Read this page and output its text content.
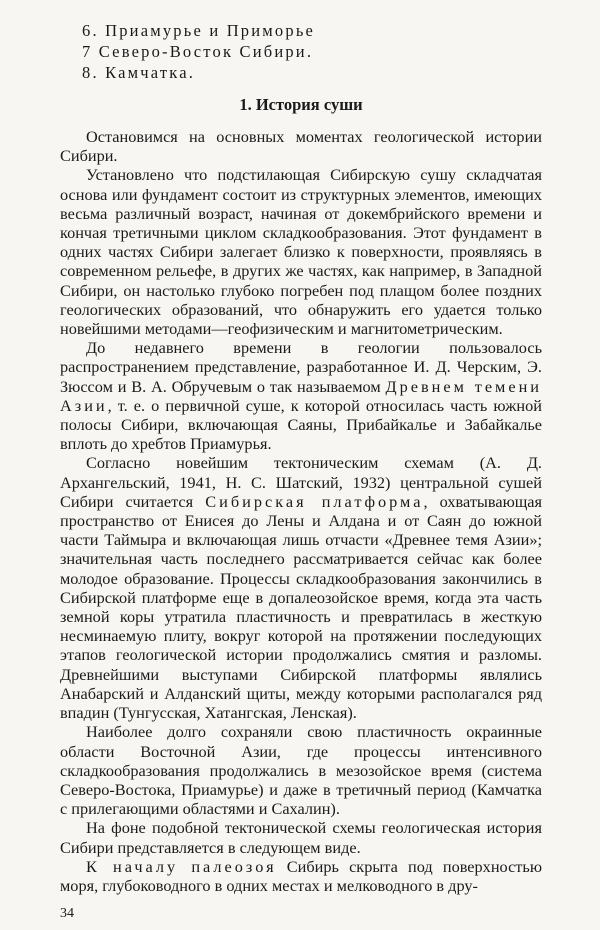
6. Приамурье и Приморье
7 Северо-Восток Сибири.
8. Камчатка.
1. История суши

Остановимся на основных моментах геологической истории Сибири.

Установлено что подстилающая Сибирскую сушу складчатая основа или фундамент состоит из структурных элементов, имеющих весьма различный возраст, начиная от докембрийского времени и кончая третичными циклом складкообразования. Этот фундамент в одних частях Сибири залегает близко к поверхности, проявляясь в современном рельефе, в других же частях, как например, в Западной Сибири, он настолько глубоко погребен под плащом более поздних геологических образований, что обнаружить его удается только новейшими методами—геофизическим и магнитометрическим.

До недавнего времени в геологии пользовалось распространением представление, разработанное И. Д. Черским, Э. Зюссом и В. А. Обручевым о так называемом Древнем темени Азии, т. е. о первичной суше, к которой относилась часть южной полосы Сибири, включающая Саяны, Прибайкалье и Забайкалье вплоть до хребтов Приамурья.

Согласно новейшим тектоническим схемам (А. Д. Архангельский, 1941, Н. С. Шатский, 1932) центральной сушей Сибири считается Сибирская платформа, охватывающая пространство от Енисея до Лены и Алдана и от Саян до южной части Таймыра и включающая лишь отчасти «Древнее темя Азии»; значительная часть последнего рассматривается сейчас как более молодое образование. Процессы складкообразования закончились в Сибирской платформе еще в допалеозойское время, когда эта часть земной коры утратила пластичность и превратилась в жесткую несминаемую плиту, вокруг которой на протяжении последующих этапов геологической истории продолжались смятия и разломы. Древнейшими выступами Сибирской платформы являлись Анабарский и Алданский щиты, между которыми располагался ряд впадин (Тунгусская, Хатангская, Ленская).

Наиболее долго сохраняли свою пластичность окраинные области Восточной Азии, где процессы интенсивного складкообразования продолжались в мезозойское время (система Северо-Востока, Приамурье) и даже в третичный период (Камчатка с прилегающими областями и Сахалин).

На фоне подобной тектонической схемы геологическая история Сибири представляется в следующем виде.

К началу палеозоя Сибирь скрыта под поверхностью моря, глубоководного в одних местах и мелководного в дру-

34
